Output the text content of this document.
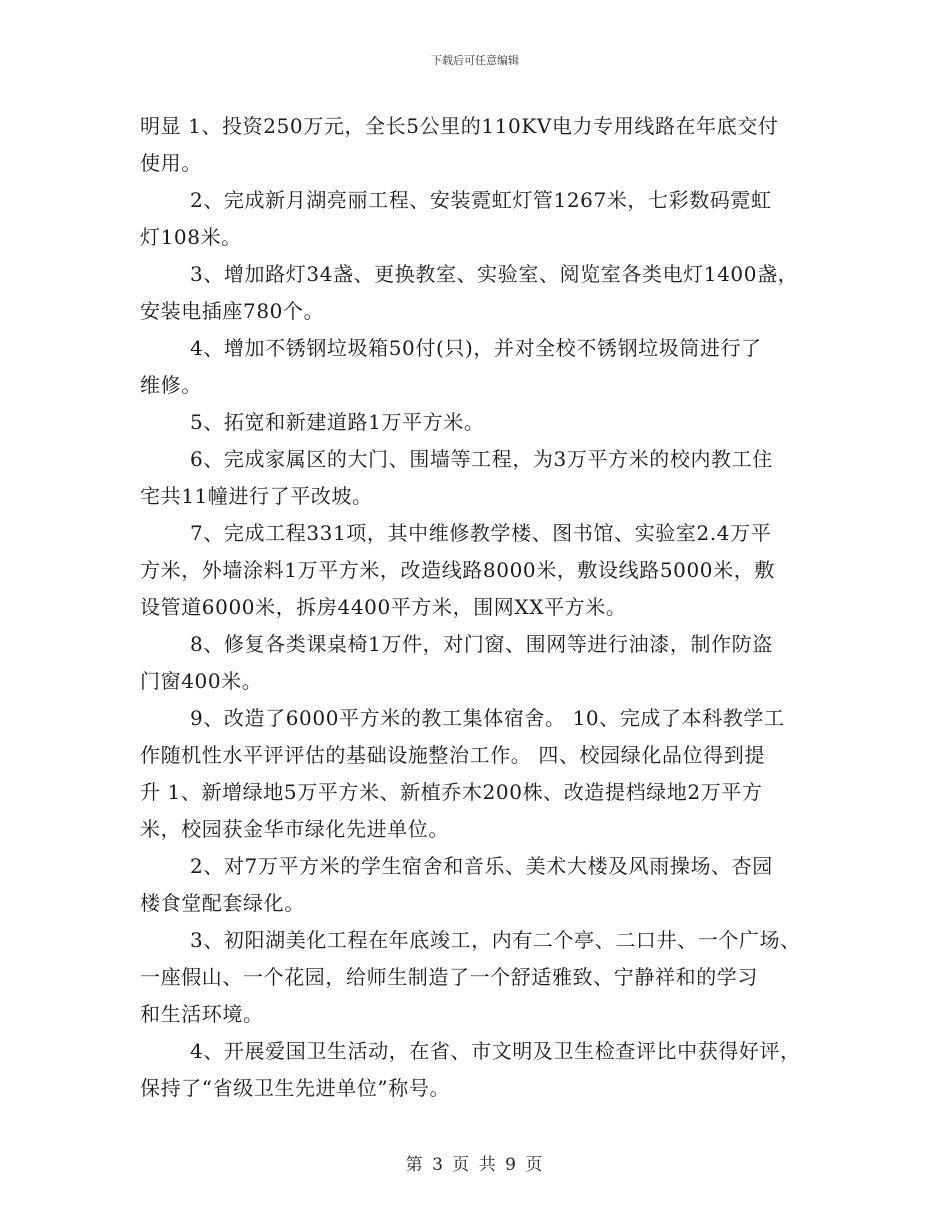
下载后可任意编辑
明显 1、投资250万元，全长5公里的110KV电力专用线路在年底交付
使用。
2、完成新月湖亮丽工程、安装霓虹灯管1267米，七彩数码霓虹
灯108米。
3、增加路灯34盏、更换教室、实验室、阅览室各类电灯1400盏，
安装电插座780个。
4、增加不锈钢垃圾箱50付(只)，并对全校不锈钢垃圾筒进行了
维修。
5、拓宽和新建道路1万平方米。
6、完成家属区的大门、围墙等工程，为3万平方米的校内教工住
宅共11幢进行了平改坡。
7、完成工程331项，其中维修教学楼、图书馆、实验室2.4万平
方米，外墙涂料1万平方米，改造线路8000米，敷设线路5000米，敷
设管道6000米，拆房4400平方米，围网XX平方米。
8、修复各类课桌椅1万件，对门窗、围网等进行油漆，制作防盗
门窗400米。
9、改造了6000平方米的教工集体宿舍。 10、完成了本科教学工
作随机性水平评评估的基础设施整治工作。 四、校园绿化品位得到提
升 1、新增绿地5万平方米、新植乔木200株、改造提档绿地2万平方
米，校园获金华市绿化先进单位。
2、对7万平方米的学生宿舍和音乐、美术大楼及风雨操场、杏园
楼食堂配套绿化。
3、初阳湖美化工程在年底竣工，内有二个亭、二口井、一个广场、
一座假山、一个花园，给师生制造了一个舒适雅致、宁静祥和的学习
和生活环境。
4、开展爱国卫生活动，在省、市文明及卫生检查评比中获得好评，
保持了“省级卫生先进单位”称号。
第 3 页 共 9 页
